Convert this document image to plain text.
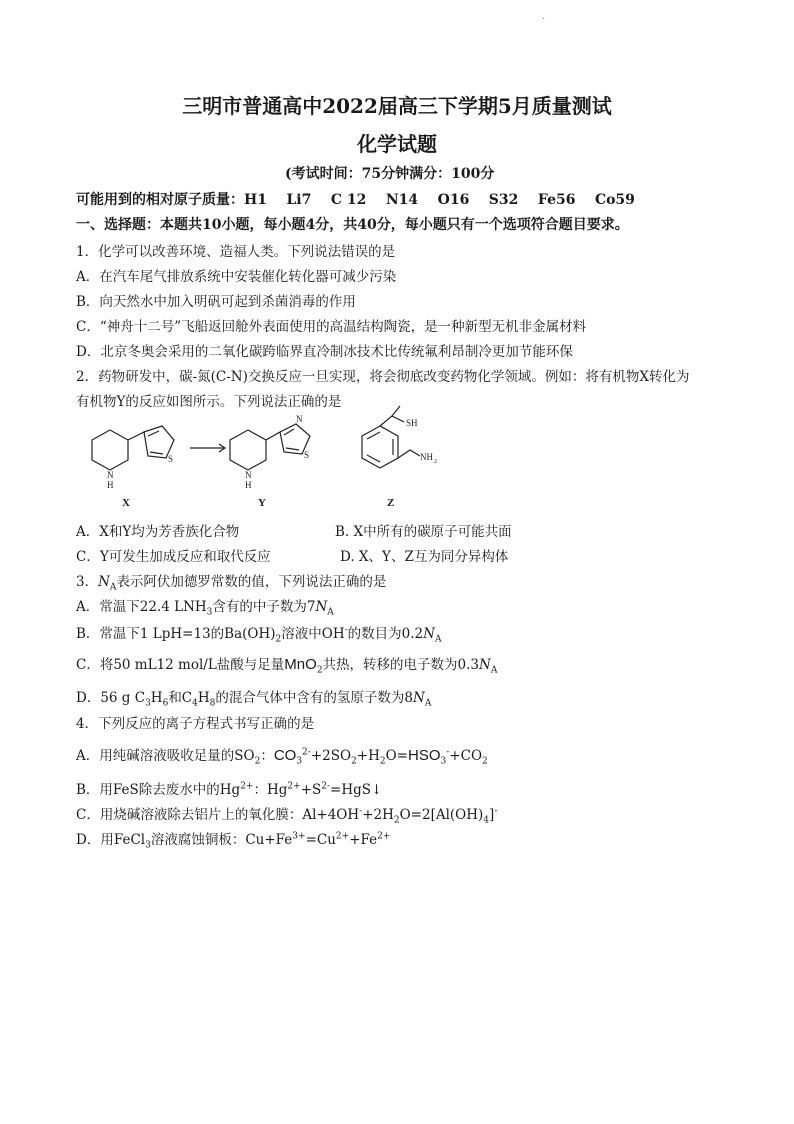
·
三明市普通高中2022届高三下学期5月质量测试
化学试题
(考试时间：75分钟满分：100分
可能用到的相对原子质量：H1    Li7    C 12    N14    O16    S32    Fe56    Co59
一、选择题：本题共10小题，每小题4分，共40分，每小题只有一个选项符合题目要求。
1．化学可以改善环境、造福人类。下列说法错误的是
A．在汽车尾气排放系统中安装催化转化器可减少污染
B．向天然水中加入明矾可起到杀菌消毒的作用
C．“神舟十二号”飞船返回舱外表面使用的高温结构陶瓷，是一种新型无机非金属材料
D．北京冬奥会采用的二氧化碳跨临界直冷制冰技术比传统氟利昂制冷更加节能环保
2．药物研发中，碳-氮(C-N)交换反应一旦实现，将会彻底改变药物化学领域。例如：将有机物X转化为
有机物Y的反应如图所示。下列说法正确的是
N
H
S
N
H
N
S
SH
NH 2
X	Y	Z
A．X和Y均为芳香族化合物	B. X中所有的碳原子可能共面
C．Y可发生加成反应和取代反应	D. X、Y、Z互为同分异构体
3．$N_A$表示阿伏加德罗常数的值，下列说法正确的是
A．常温下22.4 $LNH_3$含有的中子数为$7N_A$
B．常温下1 LpH=13的$Ba(OH)_2$溶液中OH-的数目为$0.2N_A$
C．将50 mL12 mol/L盐酸与足量MnO$_2$共热，转移的电子数为$0.3N_A$
D．56 g $C_3H_6$和$C_4H_8$的混合气体中含有的氢原子数为$8N_A$
4．下列反应的离子方程式书写正确的是
A．用纯碱溶液吸收足量的$SO_2$：$CO_3^{2-}+2SO_2+H_2O=HSO_3^-+CO_2$
B．用FeS除去废水中的$Hg^{2+}$：$Hg^{2+}+S^{2-}=HgS↓$
C．用烧碱溶液除去铝片上的氧化膜：$Al+4OH^-+2H_2O=2[Al(OH)_4]^-$
D．用FeCl$_3$溶液腐蚀铜板：$Cu+Fe^{3+}=Cu^{2+}+Fe^{2+}$
